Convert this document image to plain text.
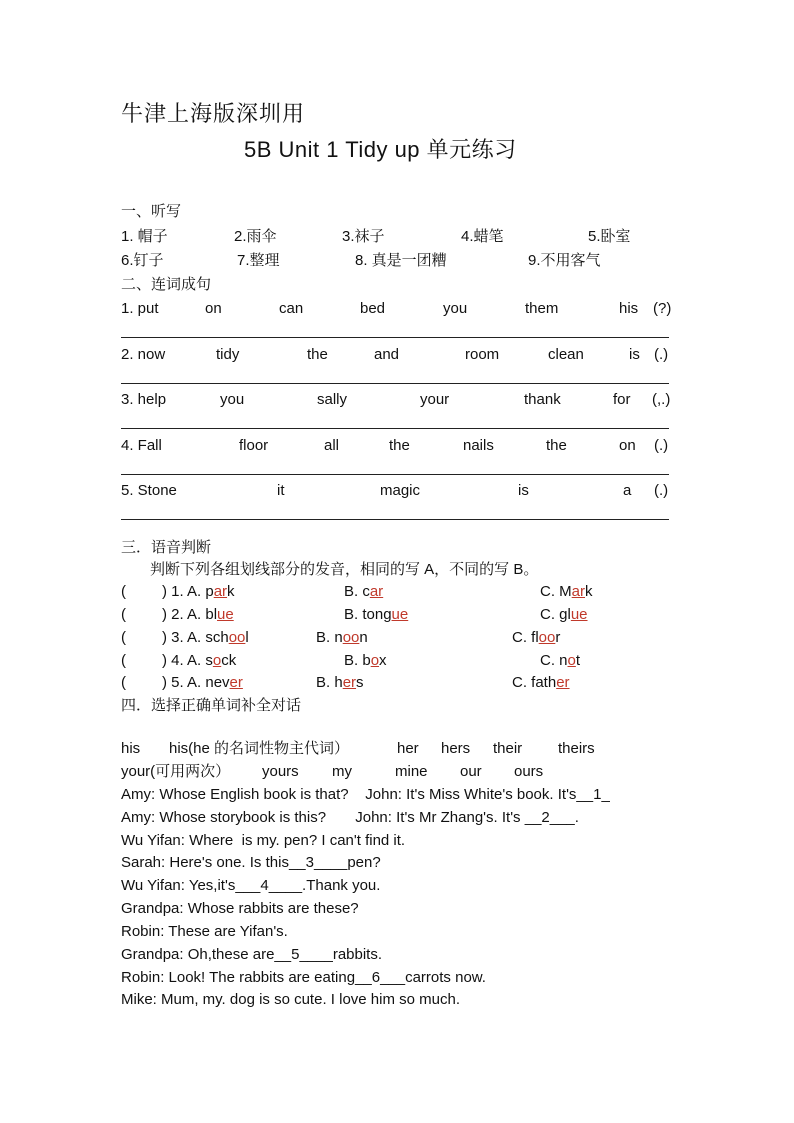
牛津上海版深圳用
5B Unit 1 Tidy up 单元练习
一、听写
1. 帽子	2.雨伞	3.袜子	4.蜡笔	5.卧室
6.钉子	7.整理	8. 真是一团糟	9.不用客气
二、连词成句
1. put	on	can	bed	you	them	his (?)
2. now	tidy	the	and	room	clean	is (.)
3. help	you	sally	your	thank	for (,.)
4. Fall	floor	all	the	nails	the	on (.)
5. Stone	it	magic	is	a (.)
三．语音判断
判断下列各组划线部分的发音，相同的写 A，不同的写 B。
( ) 1. A. park	B. car	C. Mark
( ) 2. A. blue	B. tongue	C. glue
( ) 3. A. school	B. noon	C. floor
( ) 4. A. sock	B. box	C. not
( ) 5. A. never	B. hers	C. father
四．选择正确单词补全对话
his his(he 的名词性物主代词）	her hers their theirs
your(可用两次） yours my	mine our ours
Amy: Whose English book is that?    John: It's Miss White's book. It's__1_
Amy: Whose storybook is this?       John: It's Mr Zhang's. It's __2___.
Wu Yifan: Where  is my. pen? I can't find it.
Sarah: Here's one. Is this__3____pen?
Wu Yifan: Yes,it's___4____.Thank you.
Grandpa: Whose rabbits are these?
Robin: These are Yifan's.
Grandpa: Oh,these are__5____rabbits.
Robin: Look! The rabbits are eating__6___carrots now.
Mike: Mum, my. dog is so cute. I love him so much.
